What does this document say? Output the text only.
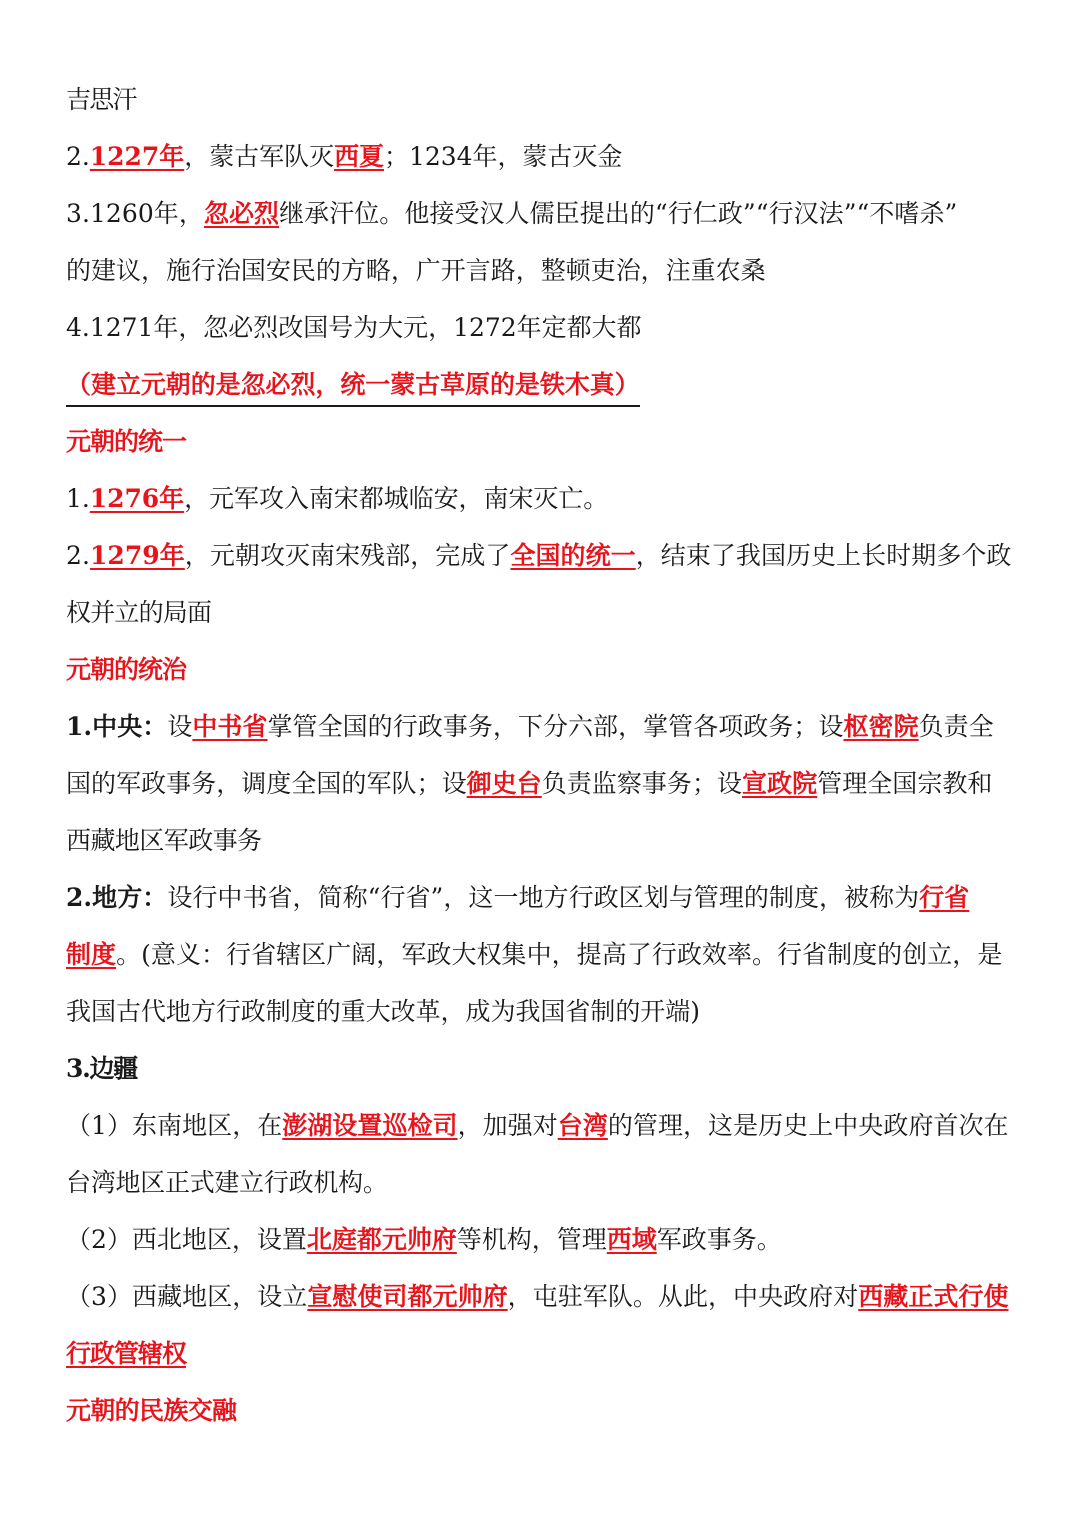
吉思汗
2.1227年，蒙古军队灭西夏；1234年，蒙古灭金
3.1260年，忽必烈继承汗位。他接受汉人儒臣提出的“行仁政”“行汉法”“不嗜杀”
的建议，施行治国安民的方略，广开言路，整顿吏治，注重农桑
4.1271年，忽必烈改国号为大元，1272年定都大都
（建立元朝的是忽必烈，统一蒙古草原的是铁木真）
元朝的统一
1.1276年，元军攻入南宋都城临安，南宋灭亡。
2.1279年，元朝攻灭南宋残部，完成了全国的统一，结束了我国历史上长时期多个政
权并立的局面
元朝的统治
1.中央：设中书省掌管全国的行政事务，下分六部，掌管各项政务；设枢密院负责全
国的军政事务，调度全国的军队；设御史台负责监察事务；设宣政院管理全国宗教和
西藏地区军政事务
2.地方：设行中书省，简称“行省”，这一地方行政区划与管理的制度，被称为行省
制度。(意义：行省辖区广阔，军政大权集中，提高了行政效率。行省制度的创立，是
我国古代地方行政制度的重大改革，成为我国省制的开端)
3.边疆
（1）东南地区，在澎湖设置巡检司，加强对台湾的管理，这是历史上中央政府首次在
台湾地区正式建立行政机构。
（2）西北地区，设置北庭都元帅府等机构，管理西域军政事务。
（3）西藏地区，设立宣慰使司都元帅府，屯驻军队。从此，中央政府对西藏正式行使
行政管辖权
元朝的民族交融
